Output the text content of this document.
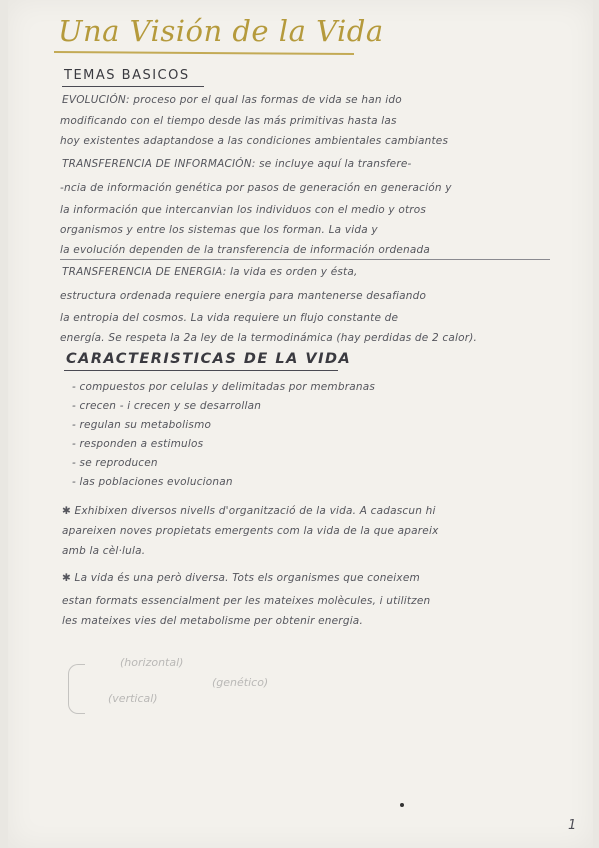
Una Visión de la Vida
TEMAS BASICOS
EVOLUCIÓN: proceso por el qual las formas de vida se han ido
modificando con el tiempo desde las más primitivas hasta las
hoy existentes adaptandose a las condiciones ambientales cambiantes
TRANSFERENCIA DE INFORMACIÓN: se incluye aquí la transfere-
-ncia de información genética por pasos de generación en generación y
la información que intercanvian los individuos con el medio y otros
organismos y entre los sistemas que los forman. La vida y
la evolución dependen de la transferencia de información ordenada
TRANSFERENCIA DE ENERGIA: la vida es orden y ésta,
estructura ordenada requiere energia para mantenerse desafiando
la entropia del cosmos. La vida requiere un flujo constante de
energía. Se respeta la 2a ley de la termodinámica (hay perdidas de 2 calor).
CARACTERISTICAS DE LA VIDA
- compuestos por celulas y delimitadas por membranas
- crecen - i crecen y se desarrollan
- regulan su metabolismo
- responden a estimulos
- se reproducen
- las poblaciones evolucionan
✱ Exhibixen diversos nivells d'organització de la vida. A cadascun hi
apareixen noves propietats emergents com la vida de la que apareix
amb la cèl·lula.
✱ La vida és una però diversa. Tots els organismes que coneixem
estan formats essencialment per les mateixes molècules, i utilitzen
les mateixes vies del metabolisme per obtenir energia.
(horizontal)
(vertical)
(genético)
1
